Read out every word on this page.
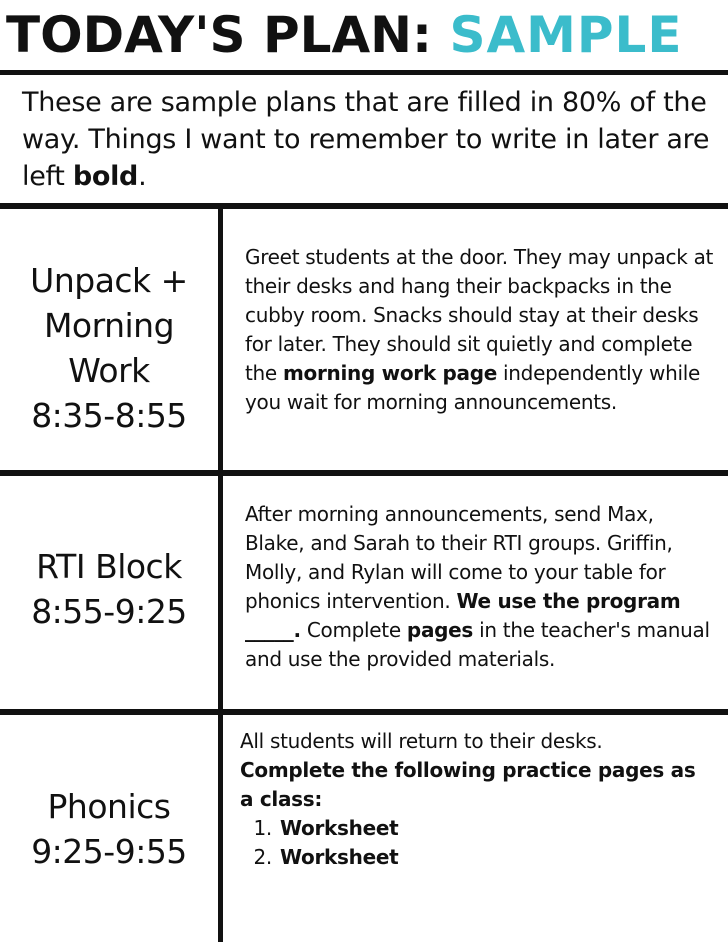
TODAY'S PLAN: SAMPLE
These are sample plans that are filled in 80% of the way. Things I want to remember to write in later are left bold.
Unpack +
Morning
Work
8:35-8:55
Greet students at the door. They may unpack at their desks and hang their backpacks in the cubby room. Snacks should stay at their desks for later. They should sit quietly and complete the morning work page independently while you wait for morning announcements.
RTI Block
8:55-9:25
After morning announcements, send Max, Blake, and Sarah to their RTI groups. Griffin, Molly, and Rylan will come to your table for phonics intervention. We use the program _____. Complete pages in the teacher's manual and use the provided materials.
Phonics
9:25-9:55
All students will return to their desks.
Complete the following practice pages as a class:
1. Worksheet
2. Worksheet
